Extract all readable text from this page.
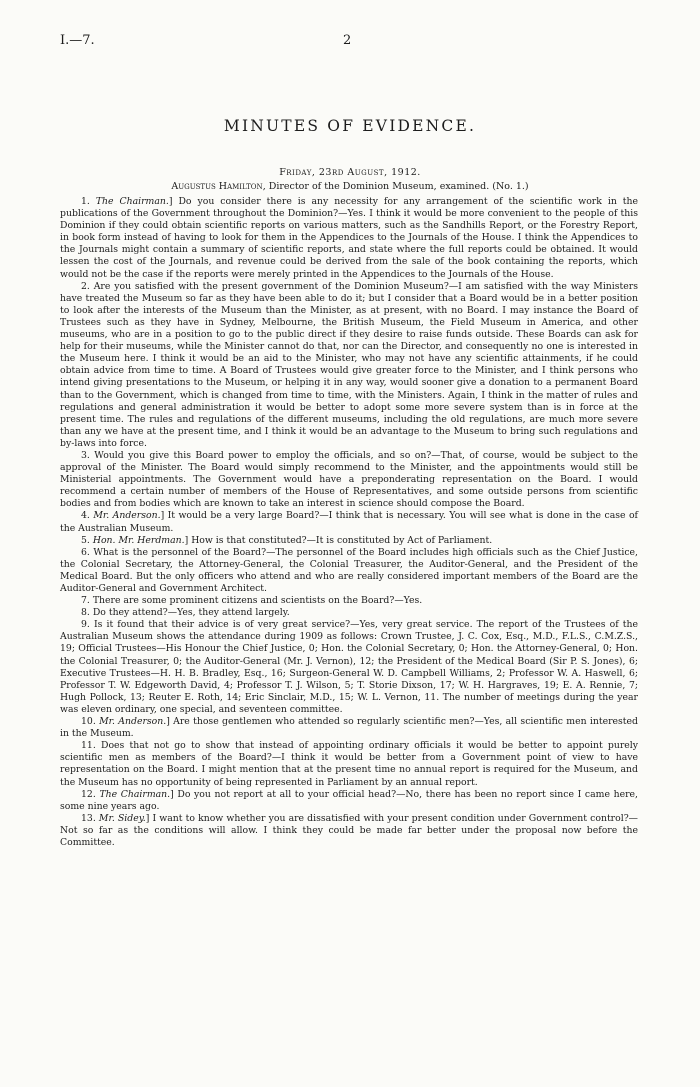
I.—7.	2
MINUTES OF EVIDENCE.
Friday, 23rd August, 1912.
Augustus Hamilton, Director of the Dominion Museum, examined. (No. 1.)

1. The Chairman.] Do you consider there is any necessity for any arrangement of the scientific work in the publications of the Government throughout the Dominion?—Yes. I think it would be more convenient to the people of this Dominion if they could obtain scientific reports on various matters, such as the Sandhills Report, or the Forestry Report, in book form instead of having to look for them in the Appendices to the Journals of the House. I think the Appendices to the Journals might contain a summary of scientific reports, and state where the full reports could be obtained. It would lessen the cost of the Journals, and revenue could be derived from the sale of the book containing the reports, which would not be the case if the reports were merely printed in the Appendices to the Journals of the House.

2. Are you satisfied with the present government of the Dominion Museum?—I am satisfied with the way Ministers have treated the Museum so far as they have been able to do it; but I consider that a Board would be in a better position to look after the interests of the Museum than the Minister, as at present, with no Board. I may instance the Board of Trustees such as they have in Sydney, Melbourne, the British Museum, the Field Museum in America, and other museums, who are in a position to go to the public direct if they desire to raise funds outside. These Boards can ask for help for their museums, while the Minister cannot do that, nor can the Director, and consequently no one is interested in the Museum here. I think it would be an aid to the Minister, who may not have any scientific attainments, if he could obtain advice from time to time. A Board of Trustees would give greater force to the Minister, and I think persons who intend giving presentations to the Museum, or helping it in any way, would sooner give a donation to a permanent Board than to the Government, which is changed from time to time, with the Ministers. Again, I think in the matter of rules and regulations and general administration it would be better to adopt some more severe system than is in force at the present time. The rules and regulations of the different museums, including the old regulations, are much more severe than any we have at the present time, and I think it would be an advantage to the Museum to bring such regulations and by-laws into force.

3. Would you give this Board power to employ the officials, and so on?—That, of course, would be subject to the approval of the Minister. The Board would simply recommend to the Minister, and the appointments would still be Ministerial appointments. The Government would have a preponderating representation on the Board. I would recommend a certain number of members of the House of Representatives, and some outside persons from scientific bodies and from bodies which are known to take an interest in science should compose the Board.

4. Mr. Anderson.] It would be a very large Board?—I think that is necessary. You will see what is done in the case of the Australian Museum.

5. Hon. Mr. Herdman.] How is that constituted?—It is constituted by Act of Parliament.

6. What is the personnel of the Board?—The personnel of the Board includes high officials such as the Chief Justice, the Colonial Secretary, the Attorney-General, the Colonial Treasurer, the Auditor-General, and the President of the Medical Board. But the only officers who attend and who are really considered important members of the Board are the Auditor-General and Government Architect.

7. There are some prominent citizens and scientists on the Board?—Yes.

8. Do they attend?—Yes, they attend largely.

9. Is it found that their advice is of very great service?—Yes, very great service. The report of the Trustees of the Australian Museum shows the attendance during 1909 as follows: Crown Trustee, J. C. Cox, Esq., M.D., F.L.S., C.M.Z.S., 19; Official Trustees—His Honour the Chief Justice, 0; Hon. the Colonial Secretary, 0; Hon. the Attorney-General, 0; Hon. the Colonial Treasurer, 0; the Auditor-General (Mr. J. Vernon), 12; the President of the Medical Board (Sir P. S. Jones), 6; Executive Trustees—H. H. B. Bradley, Esq., 16; Surgeon-General W. D. Campbell Williams, 2; Professor W. A. Haswell, 6; Professor T. W. Edgeworth David, 4; Professor T. J. Wilson, 5; T. Storie Dixson, 17; W. H. Hargraves, 19; E. A. Rennie, 7; Hugh Pollock, 13; Reuter E. Roth, 14; Eric Sinclair, M.D., 15; W. L. Vernon, 11. The number of meetings during the year was eleven ordinary, one special, and seventeen committee.

10. Mr. Anderson.] Are those gentlemen who attended so regularly scientific men?—Yes, all scientific men interested in the Museum.

11. Does that not go to show that instead of appointing ordinary officials it would be better to appoint purely scientific men as members of the Board?—I think it would be better from a Government point of view to have representation on the Board. I might mention that at the present time no annual report is required for the Museum, and the Museum has no opportunity of being represented in Parliament by an annual report.

12. The Chairman.] Do you not report at all to your official head?—No, there has been no report since I came here, some nine years ago.

13. Mr. Sidey.] I want to know whether you are dissatisfied with your present condition under Government control?—Not so far as the conditions will allow. I think they could be made far better under the proposal now before the Committee.
